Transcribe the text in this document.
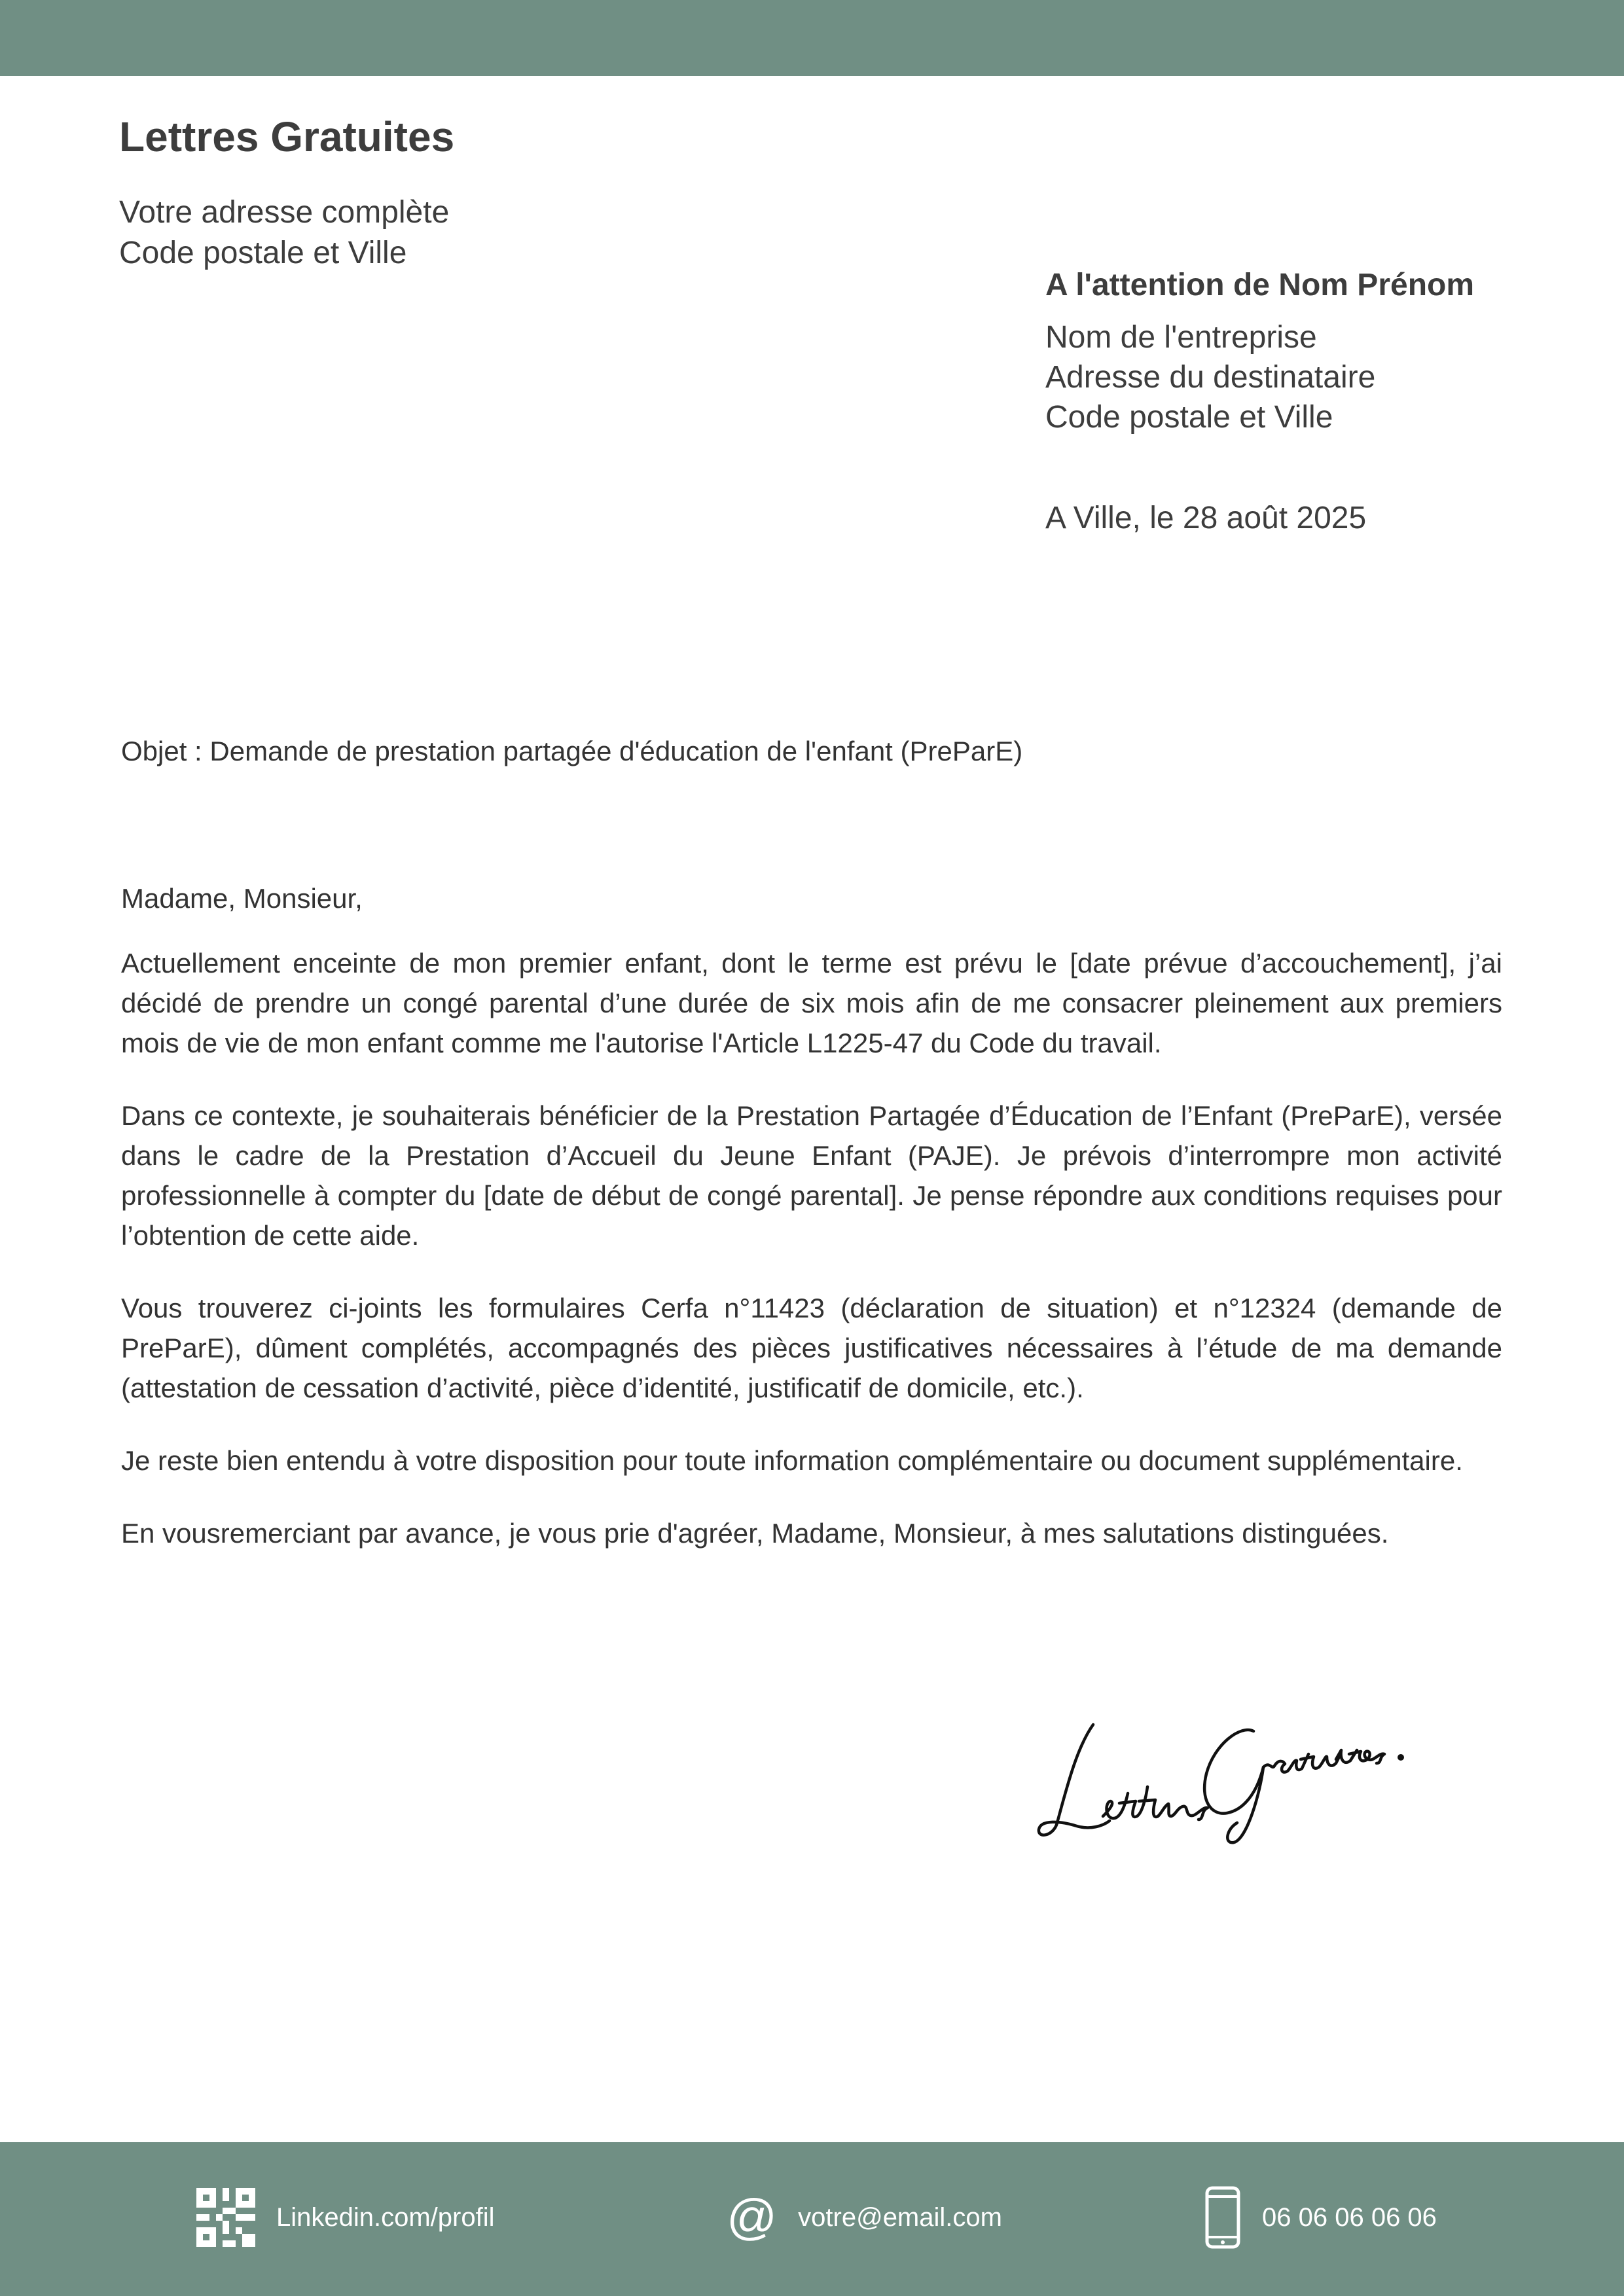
Lettres Gratuites
Votre adresse complète
Code postale et Ville
A l'attention de Nom Prénom
Nom de l'entreprise
Adresse du destinataire
Code postale et Ville
A Ville, le 28 août 2025
Objet : Demande de prestation partagée d'éducation de l'enfant (PreParE)

Madame, Monsieur,

Actuellement enceinte de mon premier enfant, dont le terme est prévu le [date prévue d’accouchement], j’ai décidé de prendre un congé parental d’une durée de six mois afin de me consacrer pleinement aux premiers mois de vie de mon enfant comme me l'autorise l'Article L1225-47 du Code du travail.

Dans ce contexte, je souhaiterais bénéficier de la Prestation Partagée d’Éducation de l’Enfant (PreParE), versée dans le cadre de la Prestation d’Accueil du Jeune Enfant (PAJE). Je prévois d’interrompre mon activité professionnelle à compter du [date de début de congé parental]. Je pense répondre aux conditions requises pour l’obtention de cette aide.

Vous trouverez ci-joints les formulaires Cerfa n°11423 (déclaration de situation) et n°12324 (demande de PreParE), dûment complétés, accompagnés des pièces justificatives nécessaires à l’étude de ma demande (attestation de cessation d’activité, pièce d’identité, justificatif de domicile, etc.).

Je reste bien entendu à votre disposition pour toute information complémentaire ou document supplémentaire.

En vousremerciant par avance, je vous prie d'agréer, Madame, Monsieur, à mes salutations distinguées.

Linkedin.com/profil	@ votre@email.com	06 06 06 06 06
